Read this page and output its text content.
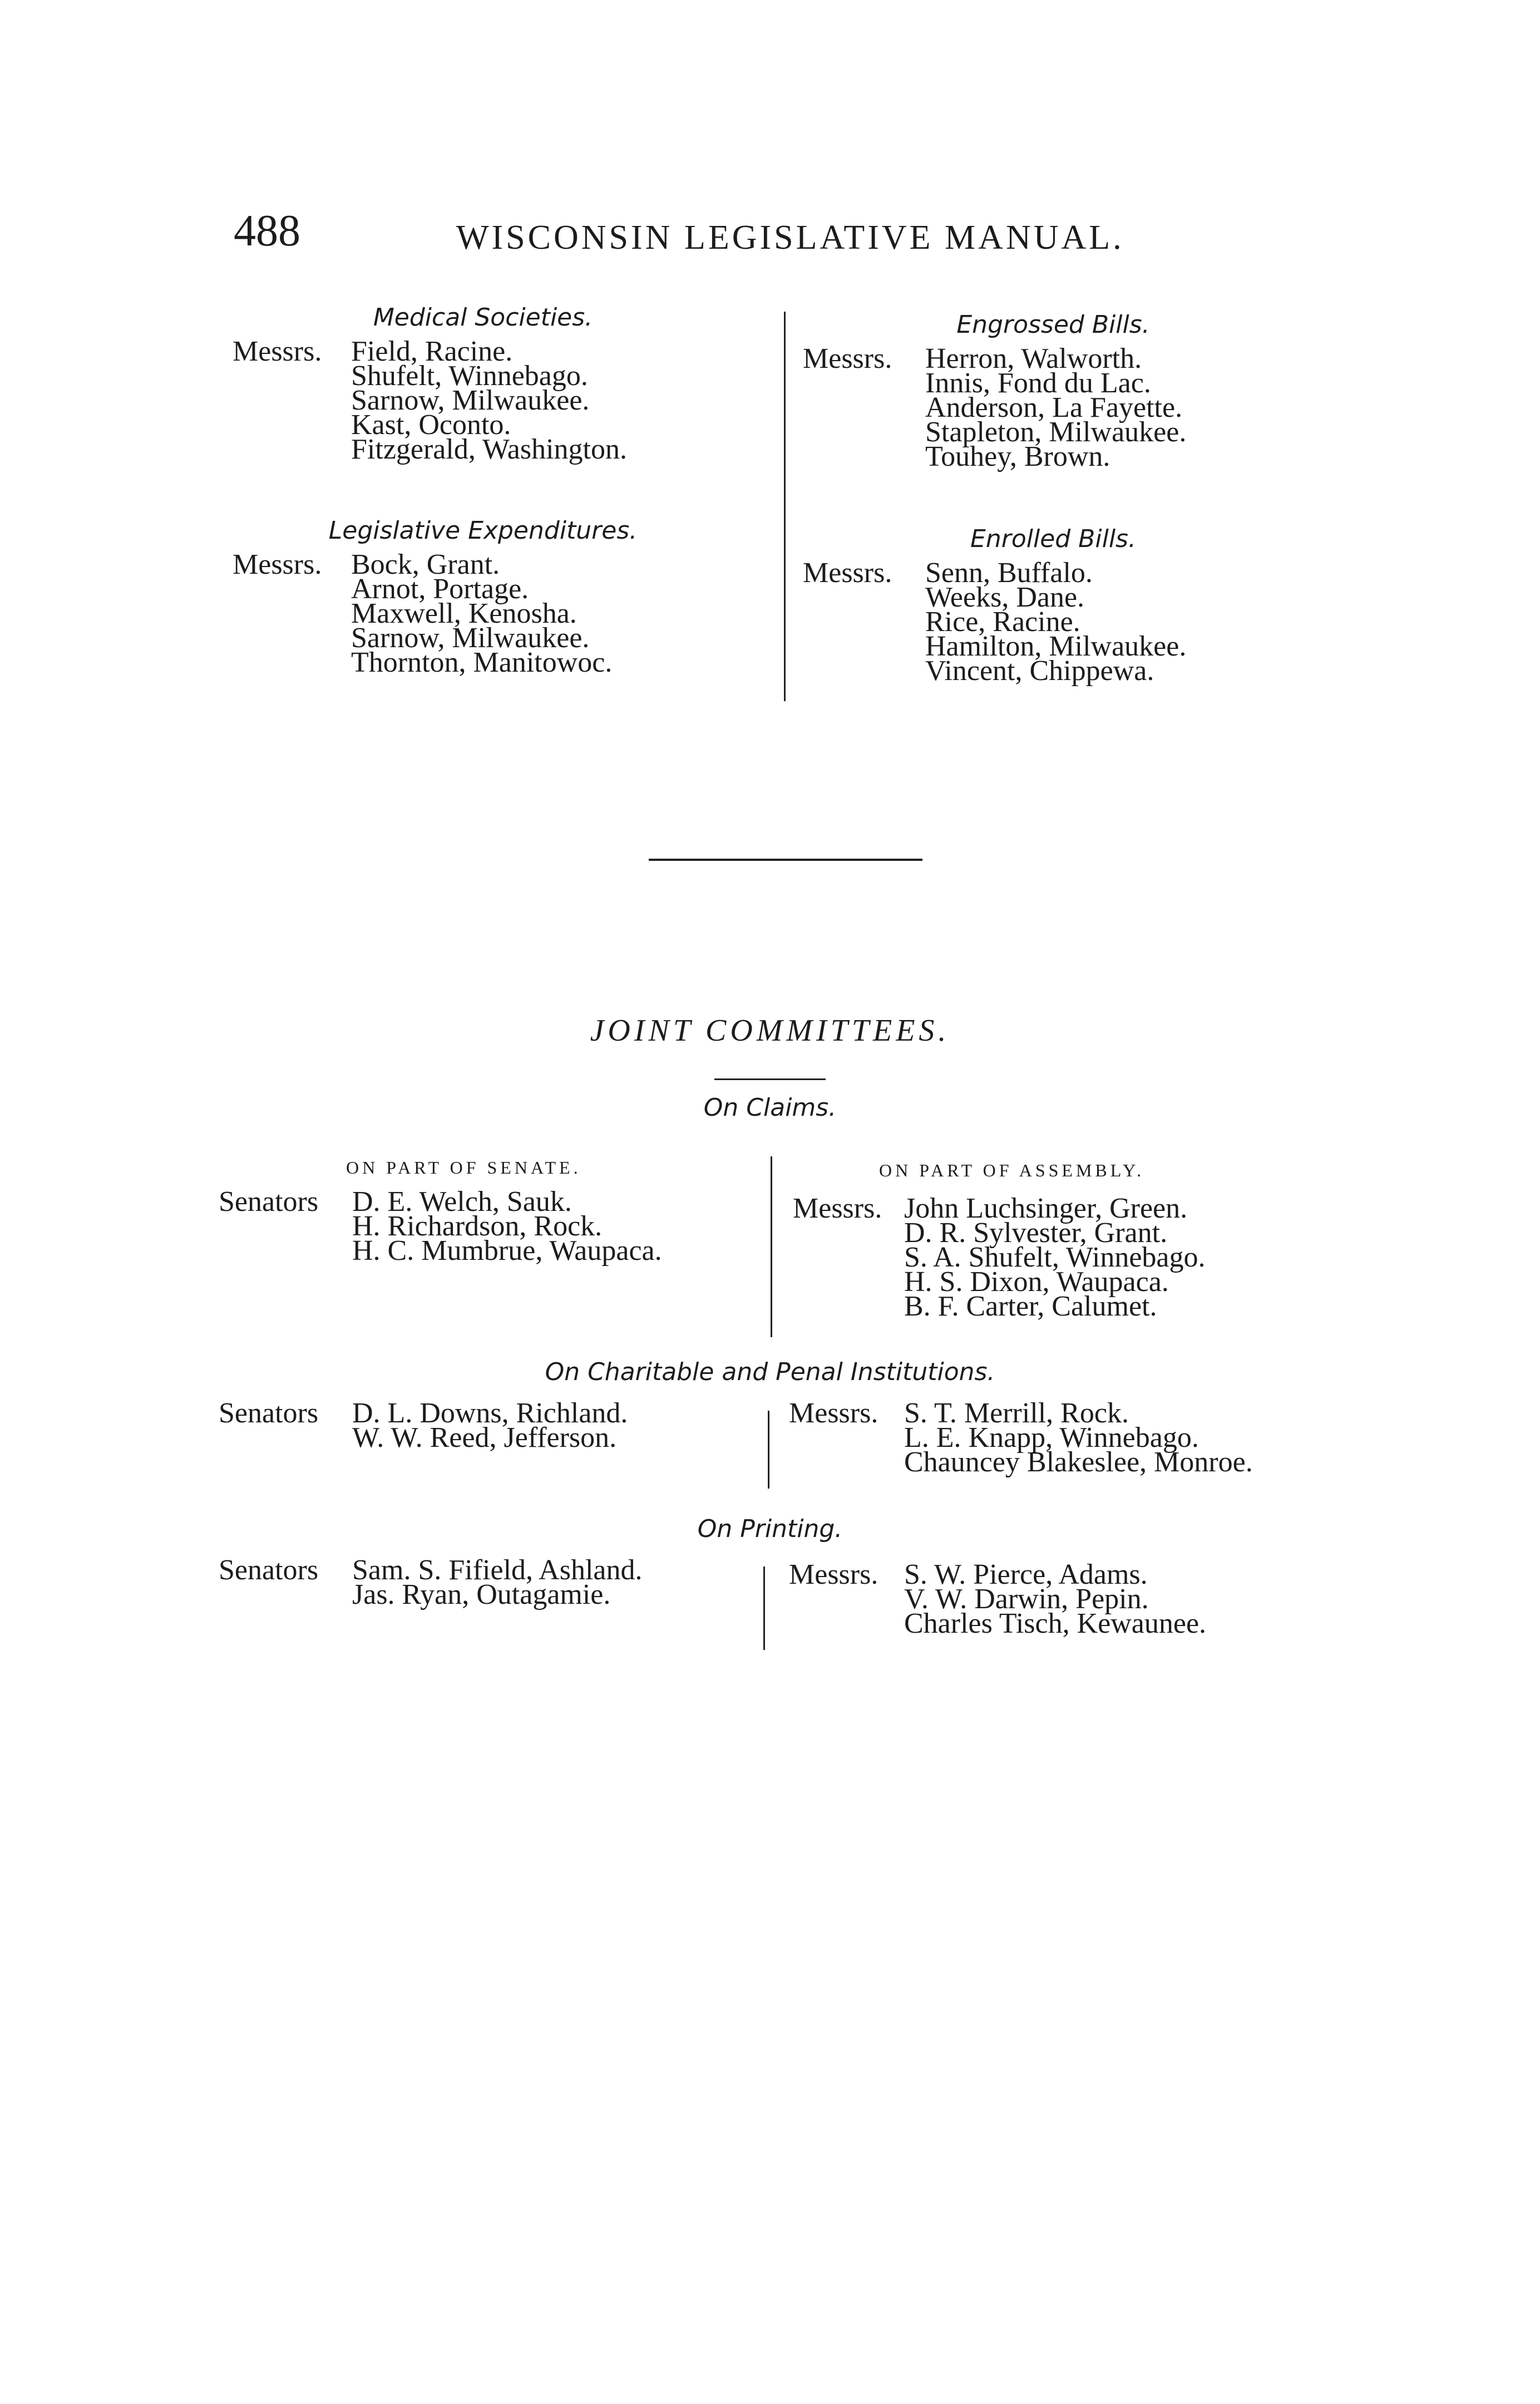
488	WISCONSIN LEGISLATIVE MANUAL.
Medical Societies.
Messrs.	Field, Racine.
Shufelt, Winnebago.
Sarnow, Milwaukee.
Kast, Oconto.
Fitzgerald, Washington.
Legislative Expenditures.
Messrs.	Bock, Grant.
Arnot, Portage.
Maxwell, Kenosha.
Sarnow, Milwaukee.
Thornton, Manitowoc.
Engrossed Bills.
Messrs.	Herron, Walworth.
Innis, Fond du Lac.
Anderson, La Fayette.
Stapleton, Milwaukee.
Touhey, Brown.
Enrolled Bills.
Messrs.	Senn, Buffalo.
Weeks, Dane.
Rice, Racine.
Hamilton, Milwaukee.
Vincent, Chippewa.
JOINT COMMITTEES.
On Claims.
ON PART OF SENATE.	ON PART OF ASSEMBLY.
Senators	D. E. Welch, Sauk.
H. Richardson, Rock.
H. C. Mumbrue, Waupaca.
Messrs. John Luchsinger, Green.
D. R. Sylvester, Grant.
S. A. Shufelt, Winnebago.
H. S. Dixon, Waupaca.
B. F. Carter, Calumet.
On Charitable and Penal Institutions.
Senators	D. L. Downs, Richland.
W. W. Reed, Jefferson.
Messrs. S. T. Merrill, Rock.
L. E. Knapp, Winnebago.
Chauncey Blakeslee, Monroe.
On Printing.
Senators	Sam. S. Fifield, Ashland.
Jas. Ryan, Outagamie.
Messrs. S. W. Pierce, Adams.
V. W. Darwin, Pepin.
Charles Tisch, Kewaunee.
